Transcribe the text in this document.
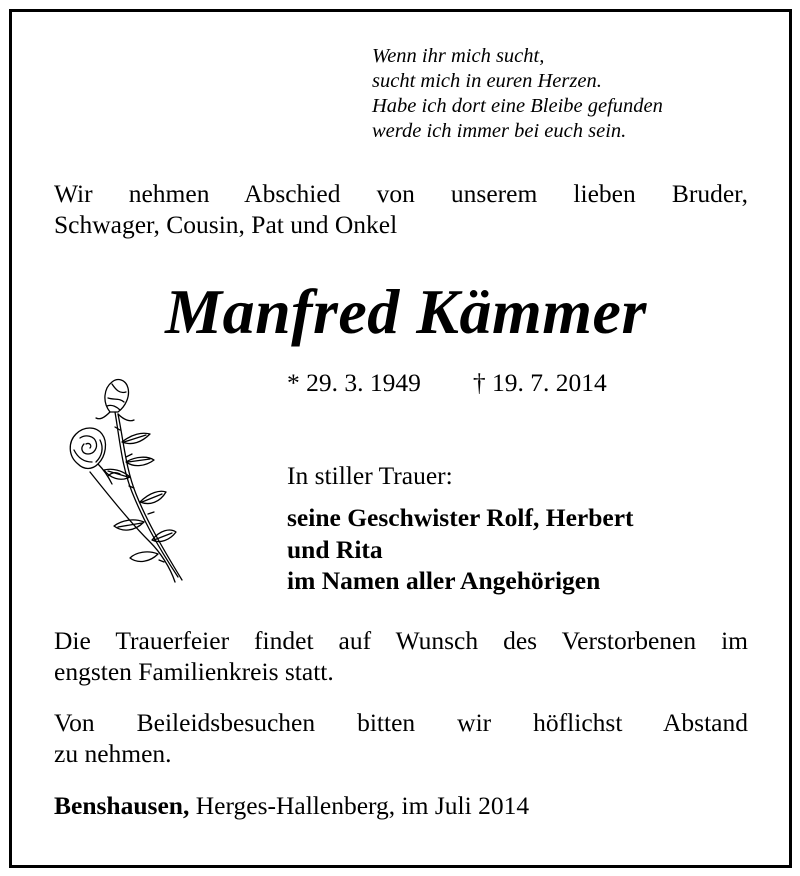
Wenn ihr mich sucht,
sucht mich in euren Herzen.
Habe ich dort eine Bleibe gefunden
werde ich immer bei euch sein.
Wir nehmen Abschied von unserem lieben Bruder,
Schwager, Cousin, Pat und Onkel
Manfred Kämmer
* 29. 3. 1949 † 19. 7. 2014
In stiller Trauer:
seine Geschwister Rolf, Herbert
und Rita
im Namen aller Angehörigen
Die Trauerfeier findet auf Wunsch des Verstorbenen im
engsten Familienkreis statt.
Von Beileidsbesuchen bitten wir höflichst Abstand
zu nehmen.
Benshausen, Herges-Hallenberg, im Juli 2014
